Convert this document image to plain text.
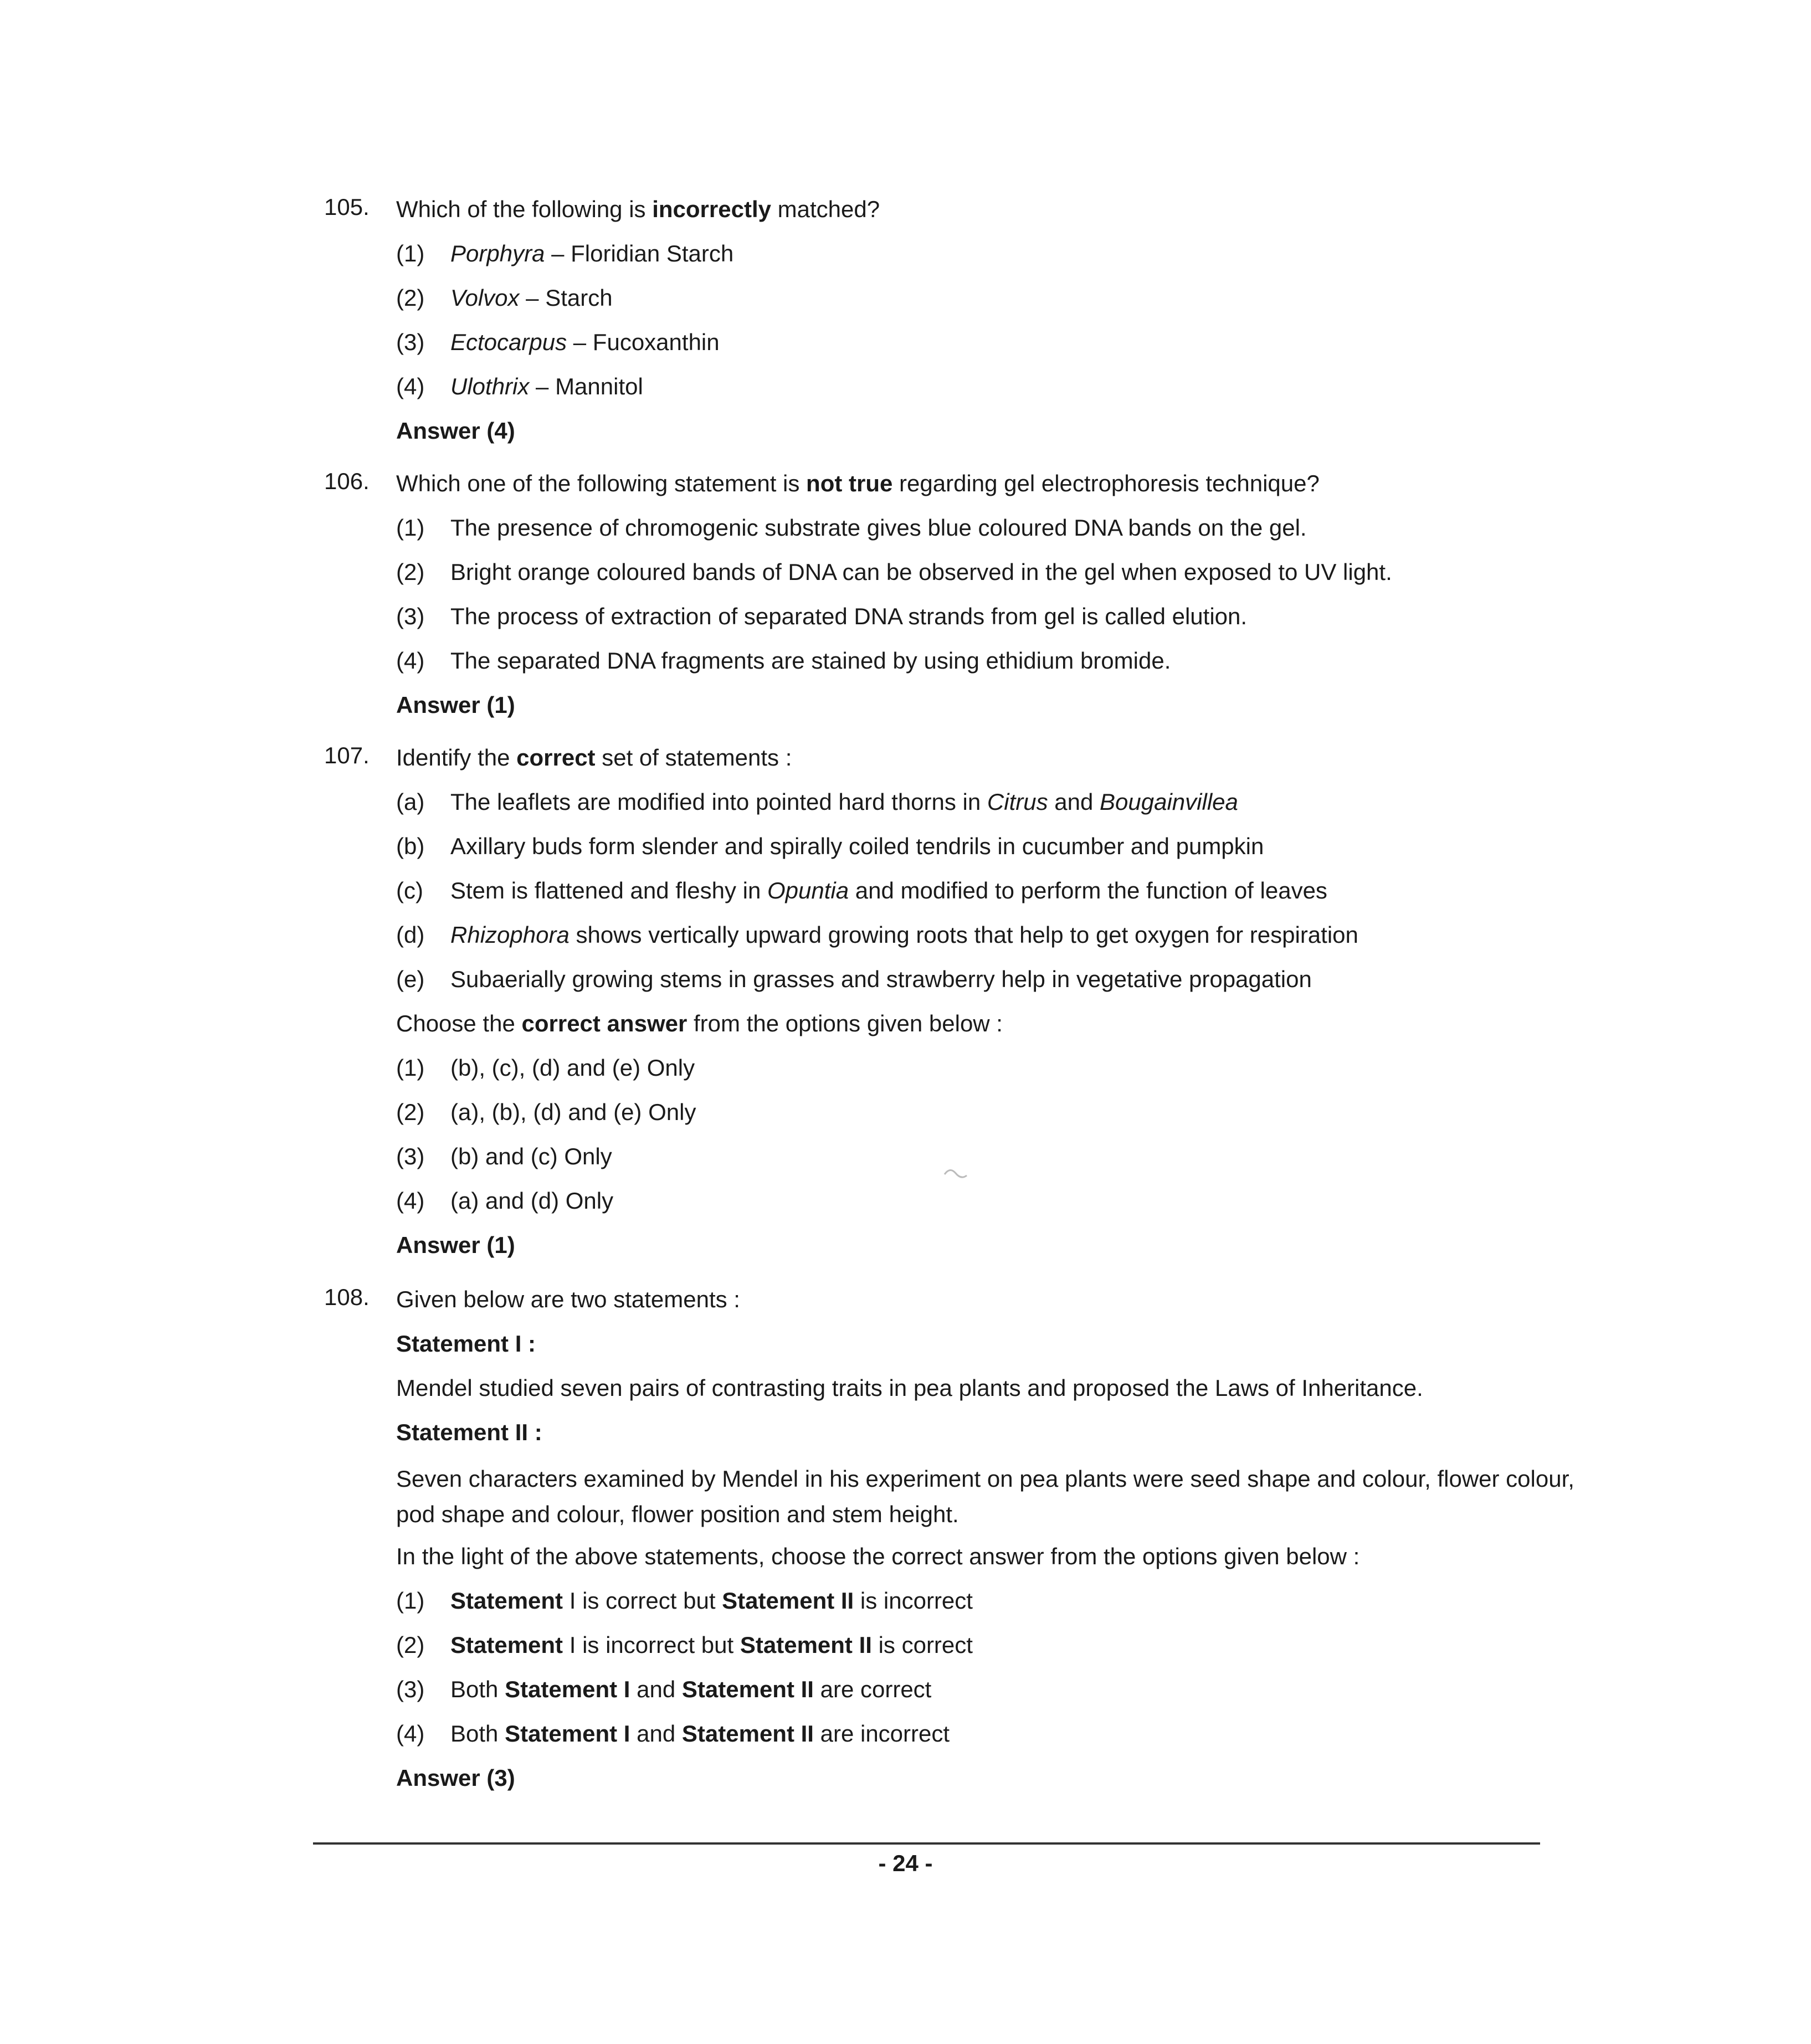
105. Which of the following is incorrectly matched?
(1) Porphyra – Floridian Starch
(2) Volvox – Starch
(3) Ectocarpus – Fucoxanthin
(4) Ulothrix – Mannitol
Answer (4)
106. Which one of the following statement is not true regarding gel electrophoresis technique?
(1) The presence of chromogenic substrate gives blue coloured DNA bands on the gel.
(2) Bright orange coloured bands of DNA can be observed in the gel when exposed to UV light.
(3) The process of extraction of separated DNA strands from gel is called elution.
(4) The separated DNA fragments are stained by using ethidium bromide.
Answer (1)
107. Identify the correct set of statements :
(a) The leaflets are modified into pointed hard thorns in Citrus and Bougainvillea
(b) Axillary buds form slender and spirally coiled tendrils in cucumber and pumpkin
(c) Stem is flattened and fleshy in Opuntia and modified to perform the function of leaves
(d) Rhizophora shows vertically upward growing roots that help to get oxygen for respiration
(e) Subaerially growing stems in grasses and strawberry help in vegetative propagation
Choose the correct answer from the options given below :
(1) (b), (c), (d) and (e) Only
(2) (a), (b), (d) and (e) Only
(3) (b) and (c) Only
(4) (a) and (d) Only
Answer (1)
108. Given below are two statements :
Statement I :
Mendel studied seven pairs of contrasting traits in pea plants and proposed the Laws of Inheritance.
Statement II :
Seven characters examined by Mendel in his experiment on pea plants were seed shape and colour, flower colour, pod shape and colour, flower position and stem height.
In the light of the above statements, choose the correct answer from the options given below :
(1) Statement I is correct but Statement II is incorrect
(2) Statement I is incorrect but Statement II is correct
(3) Both Statement I and Statement II are correct
(4) Both Statement I and Statement II are incorrect
Answer (3)
- 24 -
